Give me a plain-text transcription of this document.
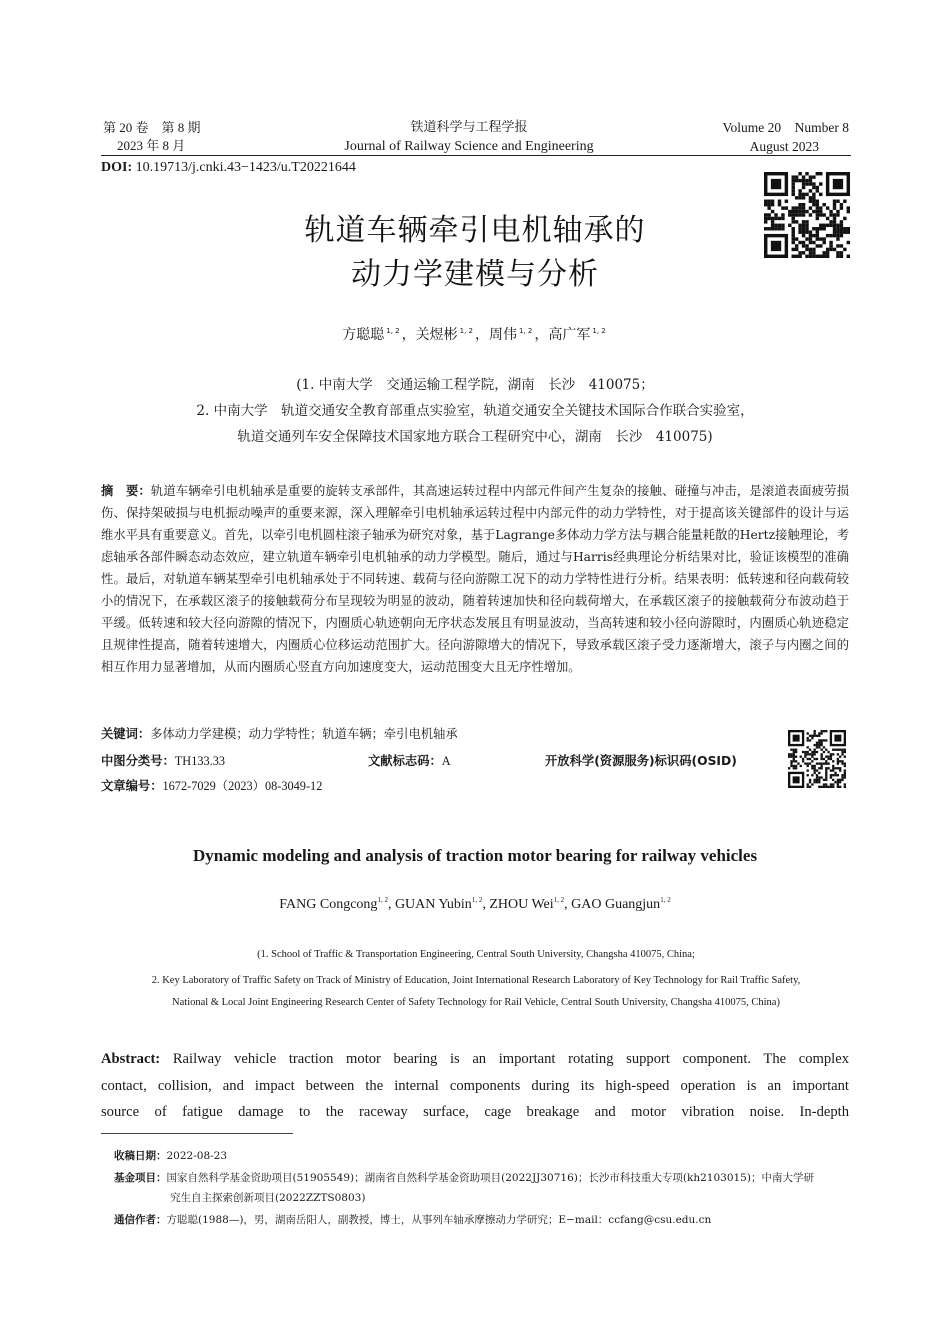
第 20 卷　第 8 期
2023 年 8 月
铁道科学与工程学报
Journal of Railway Science and Engineering
Volume 20　Number 8
August 2023
DOI: 10.19713/j.cnki.43−1423/u.T20221644
轨道车辆牵引电机轴承的
动力学建模与分析
方聪聪 $^{1, 2}$ ，关煜彬 $^{1, 2}$ ，周伟 $^{1, 2}$ ，高广军 $^{1, 2}$
(1. 中南大学　交通运输工程学院，湖南　长沙　410075；
2. 中南大学　轨道交通安全教育部重点实验室，轨道交通安全关键技术国际合作联合实验室，
轨道交通列车安全保障技术国家地方联合工程研究中心，湖南　长沙　410075)
摘　要：轨道车辆牵引电机轴承是重要的旋转支承部件，其高速运转过程中内部元件间产生复杂的接触、碰撞与冲击，是滚道表面疲劳损伤、保持架破损与电机振动噪声的重要来源，深入理解牵引电机轴承运转过程中内部元件的动力学特性，对于提高该关键部件的设计与运维水平具有重要意义。首先，以牵引电机圆柱滚子轴承为研究对象，基于Lagrange多体动力学方法与耦合能量耗散的Hertz接触理论，考虑轴承各部件瞬态动态效应，建立轨道车辆牵引电机轴承的动力学模型。随后，通过与Harris经典理论分析结果对比，验证该模型的准确性。最后，对轨道车辆某型牵引电机轴承处于不同转速、载荷与径向游隙工况下的动力学特性进行分析。结果表明：低转速和径向载荷较小的情况下，在承载区滚子的接触载荷分布呈现较为明显的波动，随着转速加快和径向载荷增大，在承载区滚子的接触载荷分布波动趋于平缓。低转速和较大径向游隙的情况下，内圈质心轨迹朝向无序状态发展且有明显波动，当高转速和较小径向游隙时，内圈质心轨迹稳定且规律性提高，随着转速增大，内圈质心位移运动范围扩大。径向游隙增大的情况下，导致承载区滚子受力逐渐增大，滚子与内圈之间的相互作用力显著增加，从而内圈质心竖直方向加速度变大，运动范围变大且无序性增加。
关键词：多体动力学建模；动力学特性；轨道车辆；牵引电机轴承
中图分类号：TH133.33	文献标志码：A	开放科学(资源服务)标识码(OSID)
文章编号：1672-7029（2023）08-3049-12
Dynamic modeling and analysis of traction motor bearing for railway vehicles
FANG Congcong$^{1, 2}$, GUAN Yubin$^{1, 2}$, ZHOU Wei$^{1, 2}$, GAO Guangjun$^{1, 2}$
(1. School of Traffic & Transportation Engineering, Central South University, Changsha 410075, China;
2. Key Laboratory of Traffic Safety on Track of Ministry of Education, Joint International Research Laboratory of Key Technology for Rail Traffic Safety,
National & Local Joint Engineering Research Center of Safety Technology for Rail Vehicle, Central South University, Changsha 410075, China)
Abstract: Railway vehicle traction motor bearing is an important rotating support component. The complex
contact, collision, and impact between the internal components during its high-speed operation is an important
source of fatigue damage to the raceway surface, cage breakage and motor vibration noise. In-depth
收稿日期：2022-08-23
基金项目：国家自然科学基金资助项目(51905549)；湖南省自然科学基金资助项目(2022JJ30716)；长沙市科技重大专项(kh2103015)；中南大学研
究生自主探索创新项目(2022ZZTS0803)
通信作者：方聪聪(1988—)，男，湖南岳阳人，副教授，博士，从事列车轴承摩擦动力学研究；E−mail：ccfang@csu.edu.cn
